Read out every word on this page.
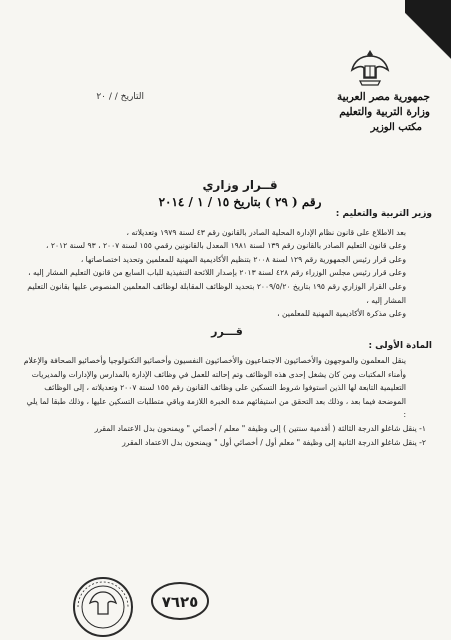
جمهورية مصر العربية
وزارة التربية والتعليم
مكتب الوزير
التاريخ / / ٢٠
قــرار وزاري
رقم ( ٢٩ ) بتاريخ ١٥ / ١ / ٢٠١٤

وزير التربية والتعليم :

بعد الاطلاع على قانون نظام الإدارة المحلية الصادر بالقانون رقم ٤٣ لسنة ١٩٧٩ وتعديلاته ،

وعلى قانون التعليم الصادر بالقانون رقم ١٣٩ لسنة ١٩٨١ المعدل بالقانونين رقمي ١٥٥ لسنة ٢٠٠٧ ، ٩٣ لسنة ٢٠١٢ ،

وعلى قرار رئيس الجمهورية رقم ١٢٩ لسنة ٢٠٠٨ بتنظيم الأكاديمية المهنية للمعلمين وتحديد اختصاصاتها ،

وعلى قرار رئيس مجلس الوزراء رقم ٤٢٨ لسنة ٢٠١٣ بإصدار اللائحة التنفيذية للباب السابع من قانون التعليم المشار إليه ،

وعلى القرار الوزاري رقم ١٩٥ بتاريخ ٢٠٠٩/٥/٢٠ بتحديد الوظائف المقابلة لوظائف المعلمين المنصوص عليها بقانون التعليم المشار إليه ،

وعلى مذكرة الأكاديمية المهنية للمعلمين ،

قـــرر

المادة الأولى :

ينقل المعلمون والموجهون والأخصائيون الاجتماعيون والأخصائيون النفسيون وأخصائيو التكنولوجيا وأخصائيو الصحافة والإعلام وأمناء المكتبات ومن كان يشغل إحدى هذه الوظائف وتم إحالته للعمل في وظائف الإدارة بالمدارس والإدارات والمديريات التعليمية التابعة لها الذين استوفوا شروط التسكين على وظائف القانون رقم ١٥٥ لسنة ٢٠٠٧ وتعديلاته ، إلى الوظائف الموضحة فيما بعد ، وذلك بعد التحقق من استيفائهم مدة الخبرة اللازمة وباقي متطلبات التسكين عليها ، وذلك طبقا لما يلي :

١- ينقل شاغلو الدرجة الثالثة ( أقدمية سنتين ) إلى وظيفة " معلم / أخصائي " ويمنحون بدل الاعتماد المقرر

٢- ينقل شاغلو الدرجة الثانية إلى وظيفة " معلم أول / أخصائي أول " ويمنحون بدل الاعتماد المقرر

٧٦٢٥
